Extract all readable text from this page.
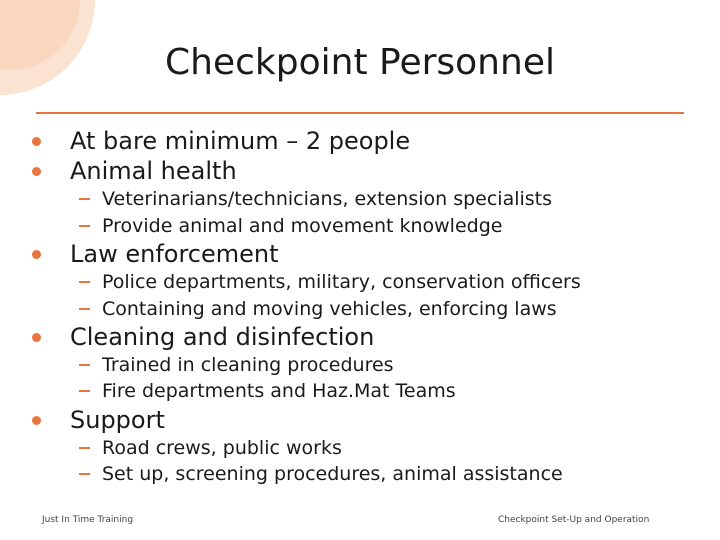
Checkpoint Personnel
At bare minimum – 2 people
Animal health
Veterinarians/technicians, extension specialists
Provide animal and movement knowledge
Law enforcement
Police departments, military, conservation officers
Containing and moving vehicles, enforcing laws
Cleaning and disinfection
Trained in cleaning procedures
Fire departments and Haz.Mat Teams
Support
Road crews, public works
Set up, screening procedures, animal assistance
Just In Time Training	Checkpoint Set-Up and Operation
